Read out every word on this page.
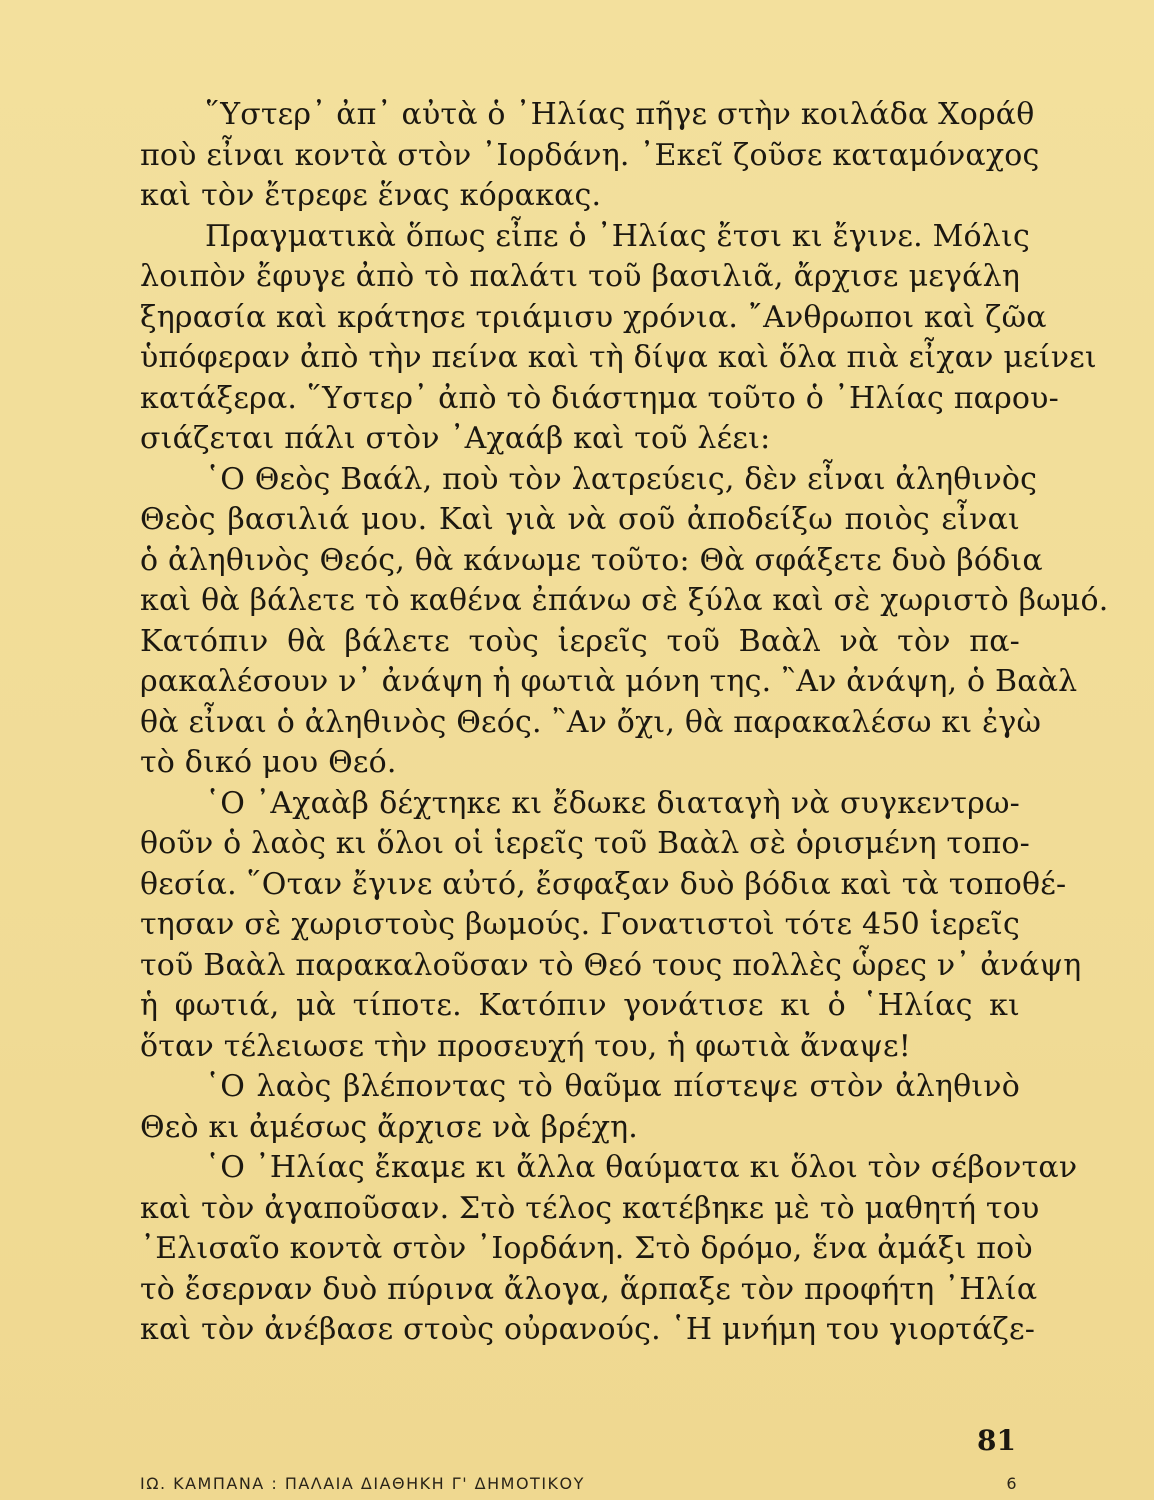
῞Υστερ᾿ ἀπ᾿ αὐτὰ ὁ ᾿Ηλίας πῆγε στὴν κοιλάδα Χοράθ
ποὺ εἶναι κοντὰ στὸν ᾿Ιορδάνη. ᾿Εκεῖ ζοῦσε καταμόναχος
καὶ τὸν ἔτρεφε ἕνας κόρακας.
Πραγματικὰ ὅπως εἶπε ὁ ᾿Ηλίας ἔτσι κι ἔγινε. Μόλις
λοιπὸν ἔφυγε ἀπὸ τὸ παλάτι τοῦ βασιλιᾶ, ἄρχισε μεγάλη
ξηρασία καὶ κράτησε τριάμισυ χρόνια. ῎Ανθρωποι καὶ ζῶα
ὑπόφεραν ἀπὸ τὴν πείνα καὶ τὴ δίψα καὶ ὅλα πιὰ εἶχαν μείνει
κατάξερα. ῞Υστερ᾿ ἀπὸ τὸ διάστημα τοῦτο ὁ ᾿Ηλίας παρου-
σιάζεται πάλι στὸν ᾿Αχαάβ καὶ τοῦ λέει:
῾Ο Θεὸς Βαάλ, ποὺ τὸν λατρεύεις, δὲν εἶναι ἀληθινὸς
Θεὸς βασιλιά μου. Καὶ γιὰ νὰ σοῦ ἀποδείξω ποιὸς εἶναι
ὁ ἀληθινὸς Θεός, θὰ κάνωμε τοῦτο: Θὰ σφάξετε δυὸ βόδια
καὶ θὰ βάλετε τὸ καθένα ἐπάνω σὲ ξύλα καὶ σὲ χωριστὸ βωμό.
Κατόπιν θὰ βάλετε τοὺς ἱερεῖς τοῦ Βαὰλ νὰ τὸν πα-
ρακαλέσουν ν᾿ ἀνάψη ἡ φωτιὰ μόνη της. ῍Αν ἀνάψη, ὁ Βαὰλ
θὰ εἶναι ὁ ἀληθινὸς Θεός. ῍Αν ὄχι, θὰ παρακαλέσω κι ἐγὼ
τὸ δικό μου Θεό.
῾Ο ᾿Αχαὰβ δέχτηκε κι ἔδωκε διαταγὴ νὰ συγκεντρω-
θοῦν ὁ λαὸς κι ὅλοι οἱ ἱερεῖς τοῦ Βαὰλ σὲ ὁρισμένη τοπο-
θεσία. ῞Οταν ἔγινε αὐτό, ἔσφαξαν δυὸ βόδια καὶ τὰ τοποθέ-
τησαν σὲ χωριστοὺς βωμούς. Γονατιστοὶ τότε 450 ἱερεῖς
τοῦ Βαὰλ παρακαλοῦσαν τὸ Θεό τους πολλὲς ὧρες ν᾿ ἀνάψη
ἡ φωτιά, μὰ τίποτε. Κατόπιν γονάτισε κι ὁ ῾Ηλίας κι
ὅταν τέλειωσε τὴν προσευχή του, ἡ φωτιὰ ἄναψε!
῾Ο λαὸς βλέποντας τὸ θαῦμα πίστεψε στὸν ἀληθινὸ
Θεὸ κι ἀμέσως ἄρχισε νὰ βρέχη.
῾Ο ᾿Ηλίας ἔκαμε κι ἄλλα θαύματα κι ὅλοι τὸν σέβονταν
καὶ τὸν ἀγαποῦσαν. Στὸ τέλος κατέβηκε μὲ τὸ μαθητή του
᾿Ελισαῖο κοντὰ στὸν ᾿Ιορδάνη. Στὸ δρόμο, ἕνα ἀμάξι ποὺ
τὸ ἔσερναν δυὸ πύρινα ἄλογα, ἅρπαξε τὸν προφήτη ᾿Ηλία
καὶ τὸν ἀνέβασε στοὺς οὐρανούς. ῾Η μνήμη του γιορτάζε-
81
ΙΩ. ΚΑΜΠΑΝΑ : ΠΑΛΑΙΑ ΔΙΑΘΗΚΗ Γ' ΔΗΜΟΤΙΚΟΥ	6
